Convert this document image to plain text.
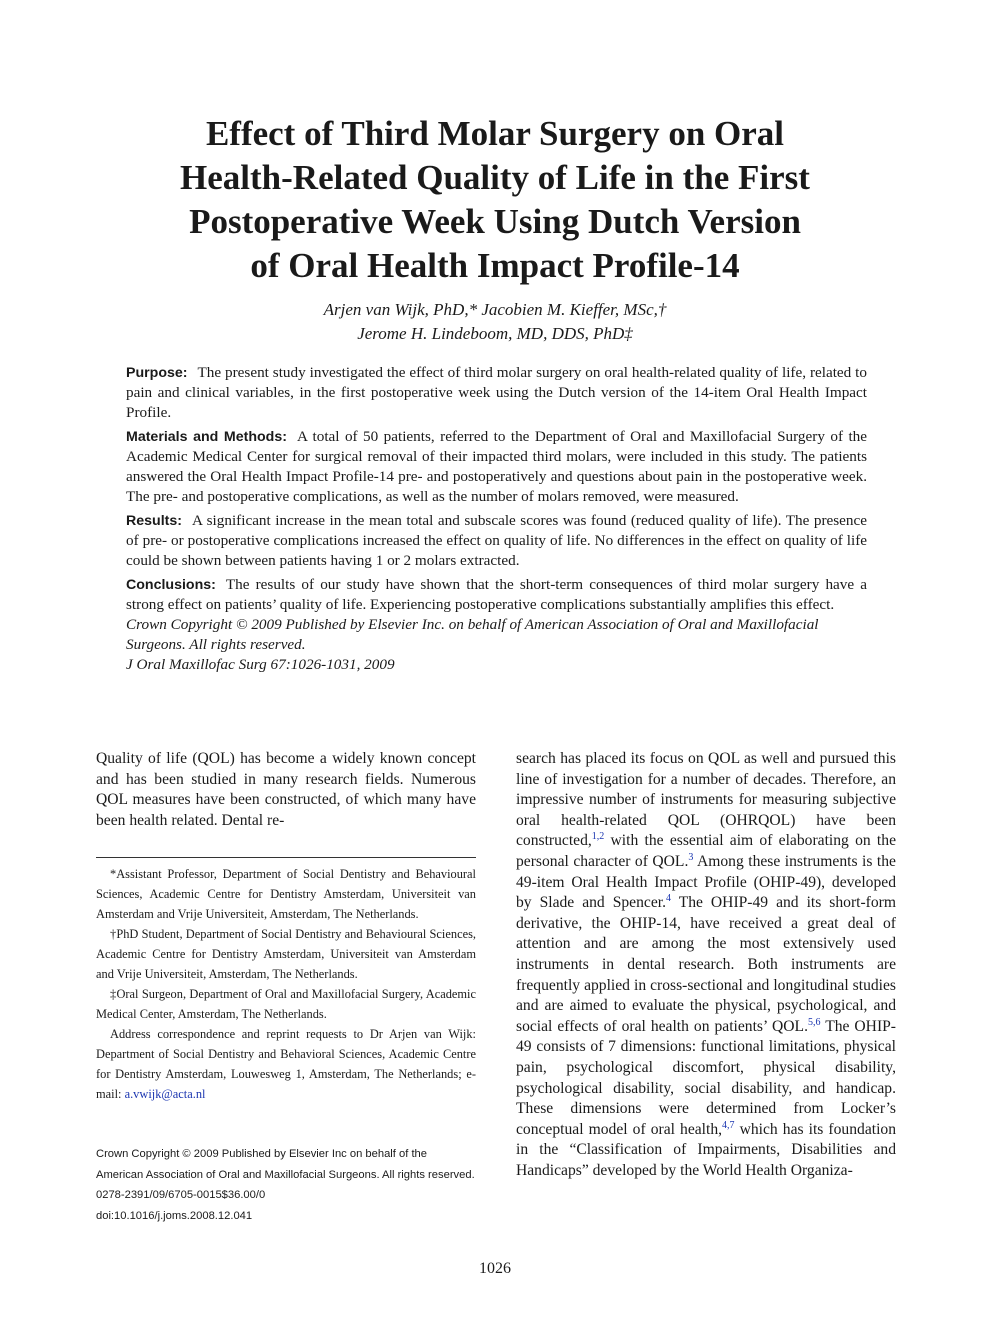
Effect of Third Molar Surgery on Oral
Health-Related Quality of Life in the First
Postoperative Week Using Dutch Version
of Oral Health Impact Profile-14
Arjen van Wijk, PhD,* Jacobien M. Kieffer, MSc,†
Jerome H. Lindeboom, MD, DDS, PhD‡

Purpose: The present study investigated the effect of third molar surgery on oral health-related quality of life, related to pain and clinical variables, in the first postoperative week using the Dutch version of the 14-item Oral Health Impact Profile.

Materials and Methods: A total of 50 patients, referred to the Department of Oral and Maxillofacial Surgery of the Academic Medical Center for surgical removal of their impacted third molars, were included in this study. The patients answered the Oral Health Impact Profile-14 pre- and postoperatively and questions about pain in the postoperative week. The pre- and postoperative complications, as well as the number of molars removed, were measured.

Results: A significant increase in the mean total and subscale scores was found (reduced quality of life). The presence of pre- or postoperative complications increased the effect on quality of life. No differences in the effect on quality of life could be shown between patients having 1 or 2 molars extracted.

Conclusions: The results of our study have shown that the short-term consequences of third molar surgery have a strong effect on patients’ quality of life. Experiencing postoperative complications substantially amplifies this effect.

Crown Copyright © 2009 Published by Elsevier Inc. on behalf of American Association of Oral and Maxillofacial Surgeons. All rights reserved.

J Oral Maxillofac Surg 67:1026-1031, 2009

Quality of life (QOL) has become a widely known concept and has been studied in many research fields. Numerous QOL measures have been constructed, of which many have been health related. Dental re-

*Assistant Professor, Department of Social Dentistry and Behavioural Sciences, Academic Centre for Dentistry Amsterdam, Universiteit van Amsterdam and Vrije Universiteit, Amsterdam, The Netherlands.

†PhD Student, Department of Social Dentistry and Behavioural Sciences, Academic Centre for Dentistry Amsterdam, Universiteit van Amsterdam and Vrije Universiteit, Amsterdam, The Netherlands.

‡Oral Surgeon, Department of Oral and Maxillofacial Surgery, Academic Medical Center, Amsterdam, The Netherlands.

Address correspondence and reprint requests to Dr Arjen van Wijk: Department of Social Dentistry and Behavioral Sciences, Academic Centre for Dentistry Amsterdam, Louwesweg 1, Amsterdam, The Netherlands; e-mail: a.vwijk@acta.nl

Crown Copyright © 2009 Published by Elsevier Inc on behalf of the
American Association of Oral and Maxillofacial Surgeons. All rights reserved.
0278-2391/09/6705-0015$36.00/0
doi:10.1016/j.joms.2008.12.041

search has placed its focus on QOL as well and pursued this line of investigation for a number of decades. Therefore, an impressive number of instruments for measuring subjective oral health-related QOL (OHRQOL) have been constructed,$^{1,2}$ with the essential aim of elaborating on the personal character of QOL.$^3$ Among these instruments is the 49-item Oral Health Impact Profile (OHIP-49), developed by Slade and Spencer.$^4$ The OHIP-49 and its short-form derivative, the OHIP-14, have received a great deal of attention and are among the most extensively used instruments in dental research. Both instruments are frequently applied in cross-sectional and longitudinal studies and are aimed to evaluate the physical, psychological, and social effects of oral health on patients’ QOL.$^{5,6}$ The OHIP-49 consists of 7 dimensions: functional limitations, physical pain, psychological discomfort, physical disability, psychological disability, social disability, and handicap. These dimensions were determined from Locker’s conceptual model of oral health,$^{4,7}$ which has its foundation in the “Classification of Impairments, Disabilities and Handicaps” developed by the World Health Organiza-

1026
